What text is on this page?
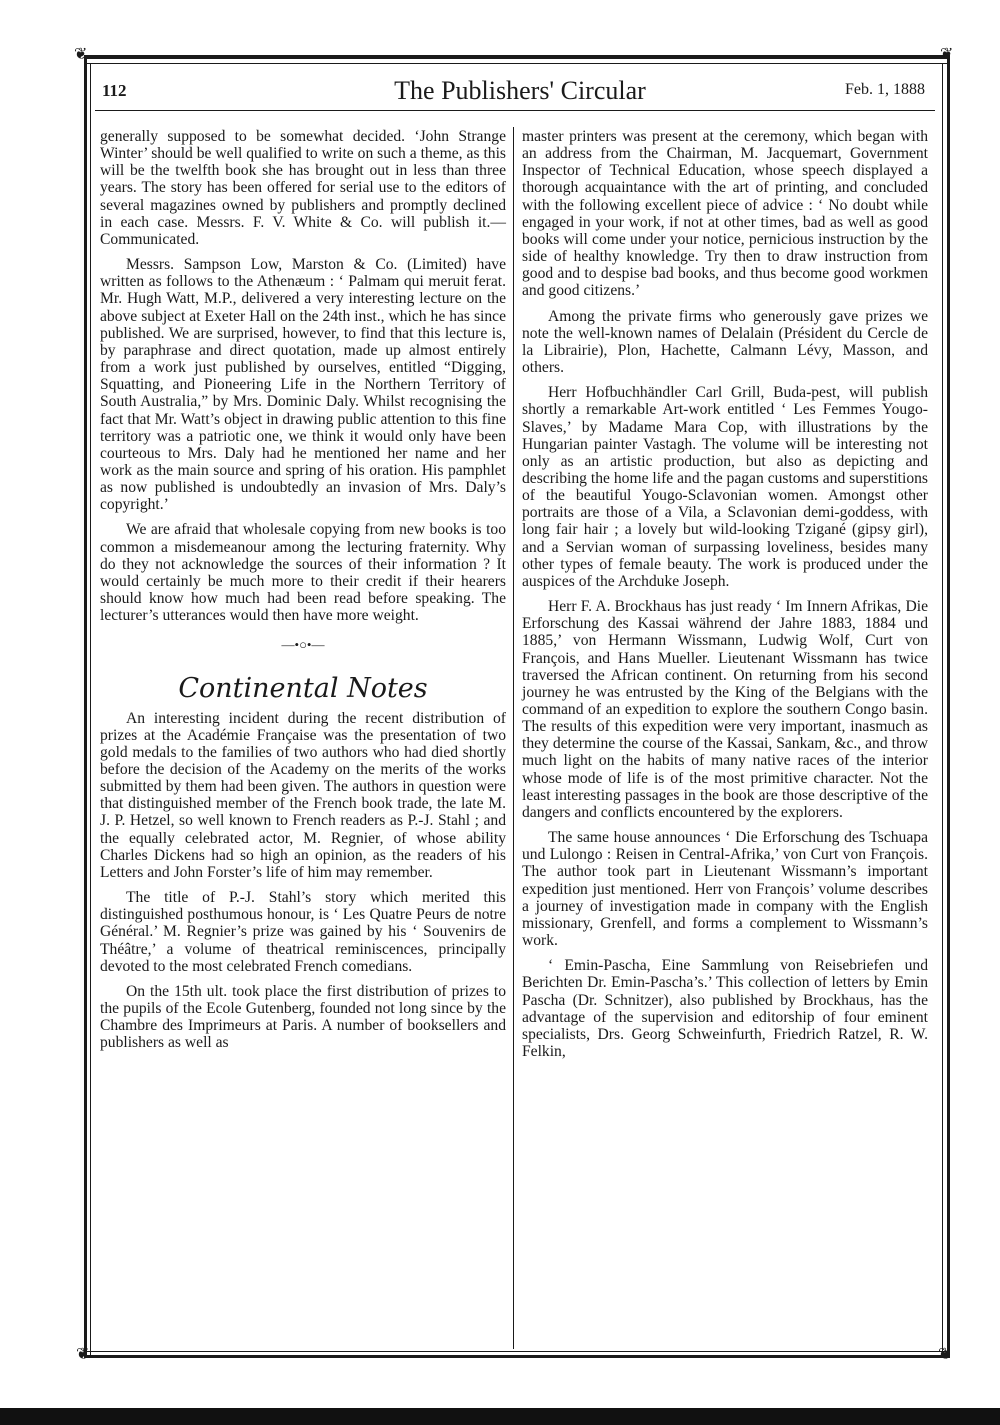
❦	❦
❦	❦
112	The Publishers' Circular	Feb. 1, 1888

generally supposed to be somewhat decided. ‘John Strange Winter’ should be well qualified to write on such a theme, as this will be the twelfth book she has brought out in less than three years. The story has been offered for serial use to the editors of several magazines owned by publishers and promptly declined in each case. Messrs. F. V. White & Co. will publish it.—Communicated.

Messrs. Sampson Low, Marston & Co. (Limited) have written as follows to the Athenæum : ‘ Palmam qui meruit ferat. Mr. Hugh Watt, M.P., delivered a very interesting lecture on the above subject at Exeter Hall on the 24th inst., which he has since published. We are surprised, however, to find that this lecture is, by paraphrase and direct quotation, made up almost entirely from a work just published by ourselves, entitled “Digging, Squatting, and Pioneering Life in the Northern Territory of South Australia,” by Mrs. Dominic Daly. Whilst recognising the fact that Mr. Watt’s object in drawing public attention to this fine territory was a patriotic one, we think it would only have been courteous to Mrs. Daly had he mentioned her name and her work as the main source and spring of his oration. His pamphlet as now published is undoubtedly an invasion of Mrs. Daly’s copyright.’

We are afraid that wholesale copying from new books is too common a misdemeanour among the lecturing fraternity. Why do they not acknowledge the sources of their information ? It would certainly be much more to their credit if their hearers should know how much had been read before speaking. The lecturer’s utterances would then have more weight.

—•○•—
Continental Notes

An interesting incident during the recent distribution of prizes at the Académie Française was the presentation of two gold medals to the families of two authors who had died shortly before the decision of the Academy on the merits of the works submitted by them had been given. The authors in question were that distinguished member of the French book trade, the late M. J. P. Hetzel, so well known to French readers as P.-J. Stahl ; and the equally celebrated actor, M. Regnier, of whose ability Charles Dickens had so high an opinion, as the readers of his Letters and John Forster’s life of him may remember.

The title of P.-J. Stahl’s story which merited this distinguished posthumous honour, is ‘ Les Quatre Peurs de notre Général.’ M. Regnier’s prize was gained by his ‘ Souvenirs de Théâtre,’ a volume of theatrical reminiscences, principally devoted to the most celebrated French comedians.

On the 15th ult. took place the first distribution of prizes to the pupils of the Ecole Gutenberg, founded not long since by the Chambre des Imprimeurs at Paris. A number of booksellers and publishers as well as

master printers was present at the ceremony, which began with an address from the Chairman, M. Jacquemart, Government Inspector of Technical Education, whose speech displayed a thorough acquaintance with the art of printing, and concluded with the following excellent piece of advice : ‘ No doubt while engaged in your work, if not at other times, bad as well as good books will come under your notice, pernicious instruction by the side of healthy knowledge. Try then to draw instruction from good and to despise bad books, and thus become good workmen and good citizens.’

Among the private firms who generously gave prizes we note the well-known names of Delalain (Président du Cercle de la Librairie), Plon, Hachette, Calmann Lévy, Masson, and others.

Herr Hofbuchhändler Carl Grill, Buda-pest, will publish shortly a remarkable Art-work entitled ‘ Les Femmes Yougo-Slaves,’ by Madame Mara Cop, with illustrations by the Hungarian painter Vastagh. The volume will be interesting not only as an artistic production, but also as depicting and describing the home life and the pagan customs and superstitions of the beautiful Yougo-Sclavonian women. Amongst other portraits are those of a Vila, a Sclavonian demi-goddess, with long fair hair ; a lovely but wild-looking Tzigané (gipsy girl), and a Servian woman of surpassing loveliness, besides many other types of female beauty. The work is produced under the auspices of the Archduke Joseph.

Herr F. A. Brockhaus has just ready ‘ Im Innern Afrikas, Die Erforschung des Kassai während der Jahre 1883, 1884 und 1885,’ von Hermann Wissmann, Ludwig Wolf, Curt von François, and Hans Mueller. Lieutenant Wissmann has twice traversed the African continent. On returning from his second journey he was entrusted by the King of the Belgians with the command of an expedition to explore the southern Congo basin. The results of this expedition were very important, inasmuch as they determine the course of the Kassai, Sankam, &c., and throw much light on the habits of many native races of the interior whose mode of life is of the most primitive character. Not the least interesting passages in the book are those descriptive of the dangers and conflicts encountered by the explorers.

The same house announces ‘ Die Erforschung des Tschuapa und Lulongo : Reisen in Central-Afrika,’ von Curt von François. The author took part in Lieutenant Wissmann’s important expedition just mentioned. Herr von François’ volume describes a journey of investigation made in company with the English missionary, Grenfell, and forms a complement to Wissmann’s work.

‘ Emin-Pascha, Eine Sammlung von Reisebriefen und Berichten Dr. Emin-Pascha’s.’ This collection of letters by Emin Pascha (Dr. Schnitzer), also published by Brockhaus, has the advantage of the supervision and editorship of four eminent specialists, Drs. Georg Schweinfurth, Friedrich Ratzel, R. W. Felkin,
